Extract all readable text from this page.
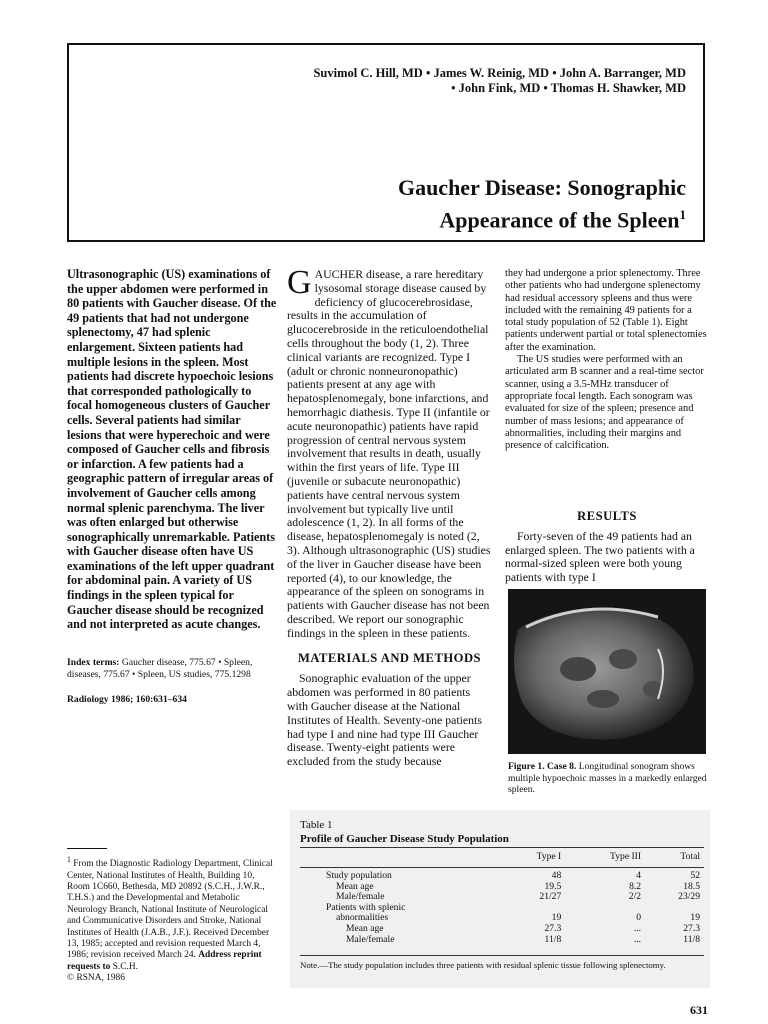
Suvimol C. Hill, MD • James W. Reinig, MD • John A. Barranger, MD
• John Fink, MD • Thomas H. Shawker, MD
Gaucher Disease: Sonographic
Appearance of the Spleen$^1$
Ultrasonographic (US) examinations of the upper abdomen were performed in 80 patients with Gaucher disease. Of the 49 patients that had not undergone splenectomy, 47 had splenic enlargement. Sixteen patients had multiple lesions in the spleen. Most patients had discrete hypoechoic lesions that corresponded pathologically to focal homogeneous clusters of Gaucher cells. Several patients had similar lesions that were hyperechoic and were composed of Gaucher cells and fibrosis or infarction. A few patients had a geographic pattern of irregular areas of involvement of Gaucher cells among normal splenic parenchyma. The liver was often enlarged but otherwise sonographically unremarkable. Patients with Gaucher disease often have US examinations of the left upper quadrant for abdominal pain. A variety of US findings in the spleen typical for Gaucher disease should be recognized and not interpreted as acute changes.
Index terms: Gaucher disease, 775.67 • Spleen, diseases, 775.67 • Spleen, US studies, 775.1298
Radiology 1986; 160:631–634
$^1$ From the Diagnostic Radiology Department, Clinical Center, National Institutes of Health, Building 10, Room 1C660, Bethesda, MD 20892 (S.C.H., J.W.R., T.H.S.) and the Developmental and Metabolic Neurology Branch, National Institute of Neurological and Communicative Disorders and Stroke, National Institutes of Health (J.A.B., J.F.). Received December 13, 1985; accepted and revision requested March 4, 1986; revision received March 24. Address reprint requests to S.C.H.
© RSNA, 1986
GAUCHER disease, a rare hereditary lysosomal storage disease caused by deficiency of glucocerebrosidase, results in the accumulation of glucocerebroside in the reticuloendothelial cells throughout the body (1, 2). Three clinical variants are recognized. Type I (adult or chronic nonneuronopathic) patients present at any age with hepatosplenomegaly, bone infarctions, and hemorrhagic diathesis. Type II (infantile or acute neuronopathic) patients have rapid progression of central nervous system involvement that results in death, usually within the first years of life. Type III (juvenile or subacute neuronopathic) patients have central nervous system involvement but typically live until adolescence (1, 2). In all forms of the disease, hepatosplenomegaly is noted (2, 3). Although ultrasonographic (US) studies of the liver in Gaucher disease have been reported (4), to our knowledge, the appearance of the spleen on sonograms in patients with Gaucher disease has not been described. We report our sonographic findings in the spleen in these patients.
MATERIALS AND METHODS
Sonographic evaluation of the upper abdomen was performed in 80 patients with Gaucher disease at the National Institutes of Health. Seventy-one patients had type I and nine had type III Gaucher disease. Twenty-eight patients were excluded from the study because
they had undergone a prior splenectomy. Three other patients who had undergone splenectomy had residual accessory spleens and thus were included with the remaining 49 patients for a total study population of 52 (Table 1). Eight patients underwent partial or total splenectomies after the examination.
The US studies were performed with an articulated arm B scanner and a real-time sector scanner, using a 3.5-MHz transducer of appropriate focal length. Each sonogram was evaluated for size of the spleen; presence and number of mass lesions; and appearance of abnormalities, including their margins and presence of calcification.
RESULTS
Forty-seven of the 49 patients had an enlarged spleen. The two patients with a normal-sized spleen were both young patients with type I
Figure 1. Case 8. Longitudinal sonogram shows multiple hypoechoic masses in a markedly enlarged spleen.
Table 1
Profile of Gaucher Disease Study Population
	Type I	Type III	Total

Study population	48	4	52
Mean age	19.5	8.2	18.5
Male/female	21/27	2/2	23/29
Patients with splenic			
abnormalities	19	0	19
Mean age	27.3	...	27.3
Male/female	11/8	...	11/8
Note.—The study population includes three patients with residual splenic tissue following splenectomy.
631
